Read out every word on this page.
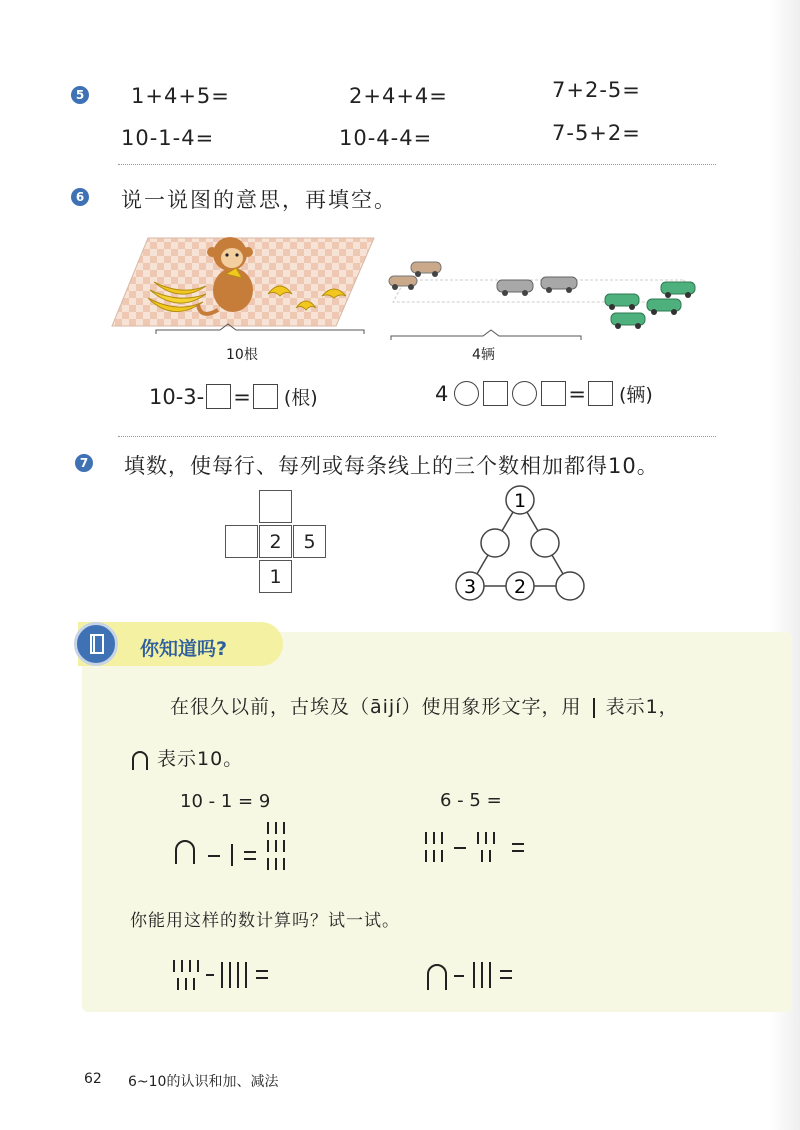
5 1+4+5=	2+4+4=	7+2-5=
10-1-4=	10-4-4=	7-5+2=
6 说一说图的意思，再填空。
10根	4辆
10-3- = (根)	4	= (辆)
7 填数，使每行、每列或每条线上的三个数相加都得10。
2 5
1
1
3 2
你知道吗?
在很久以前，古埃及（āijí）使用象形文字，用 表示1，
表示10。
10 - 1 = 9	6 - 5 =
你能用这样的数计算吗？试一试。
62 6~10的认识和加、减法
